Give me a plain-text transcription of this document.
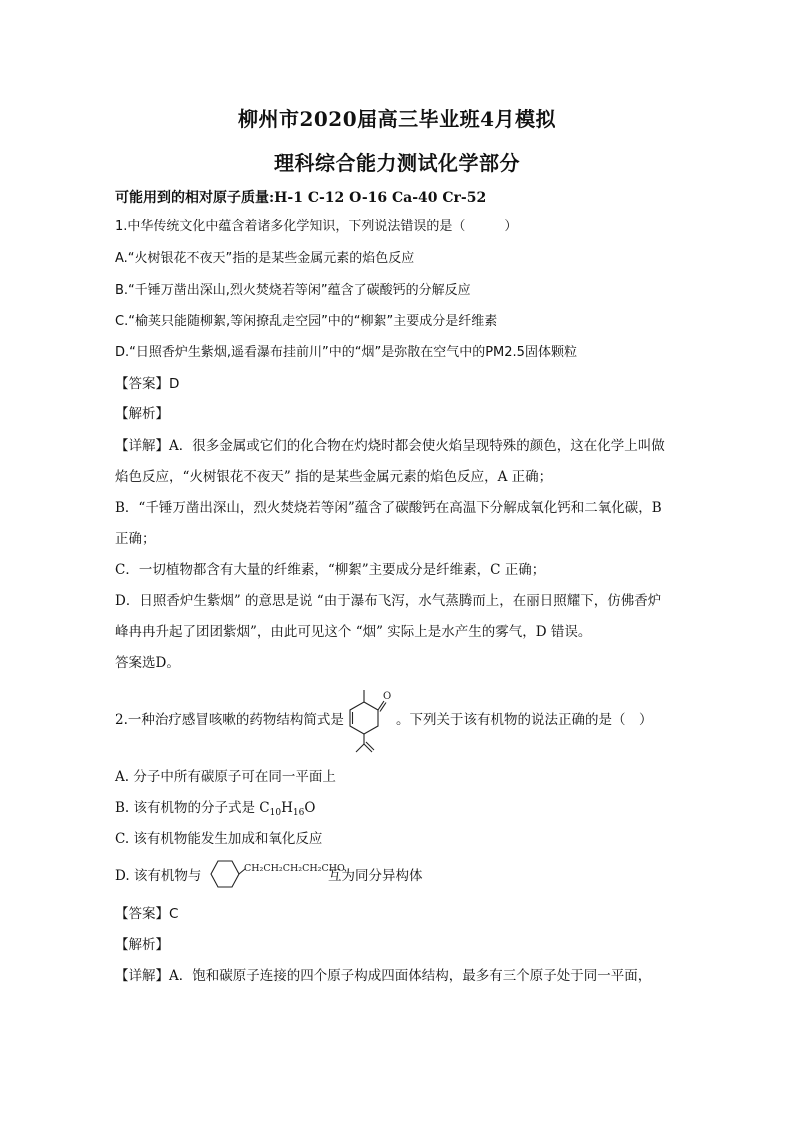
柳州市2020届高三毕业班4月模拟
理科综合能力测试化学部分
可能用到的相对原子质量:H-1 C-12 O-16 Ca-40 Cr-52
1.中华传统文化中蕴含着诸多化学知识，下列说法错误的是（　　　）
A.“火树银花不夜天”指的是某些金属元素的焰色反应
B.“千锤万凿出深山,烈火焚烧若等闲”蕴含了碳酸钙的分解反应
C.“榆荚只能随柳絮,等闲撩乱走空园”中的“柳絮”主要成分是纤维素
D.“日照香炉生紫烟,遥看瀑布挂前川”中的“烟”是弥散在空气中的PM2.5固体颗粒
【答案】D
【解析】
【详解】A．很多金属或它们的化合物在灼烧时都会使火焰呈现特殊的颜色，这在化学上叫做
焰色反应，“火树银花不夜天” 指的是某些金属元素的焰色反应，A 正确；
B．“千锤万凿出深山，烈火焚烧若等闲”蕴含了碳酸钙在高温下分解成氧化钙和二氧化碳，B
正确；
C．一切植物都含有大量的纤维素，“柳絮”主要成分是纤维素，C 正确；
D．日照香炉生紫烟” 的意思是说 “由于瀑布飞泻，水气蒸腾而上，在丽日照耀下，仿佛香炉
峰冉冉升起了团团紫烟”，由此可见这个 “烟” 实际上是水产生的雾气，D 错误。
答案选D。
2.一种治疗感冒咳嗽的药物结构简式是
O
。下列关于该有机物的说法正确的是（　）
A. 分子中所有碳原子可在同一平面上
B. 该有机物的分子式是 $C_{10}H_{16}O$
C. 该有机物能发生加成和氧化反应
D. 该有机物与	CH₂CH₂CH₂CH₂CHO
互为同分异构体
【答案】C
【解析】
【详解】A．饱和碳原子连接的四个原子构成四面体结构，最多有三个原子处于同一平面，
